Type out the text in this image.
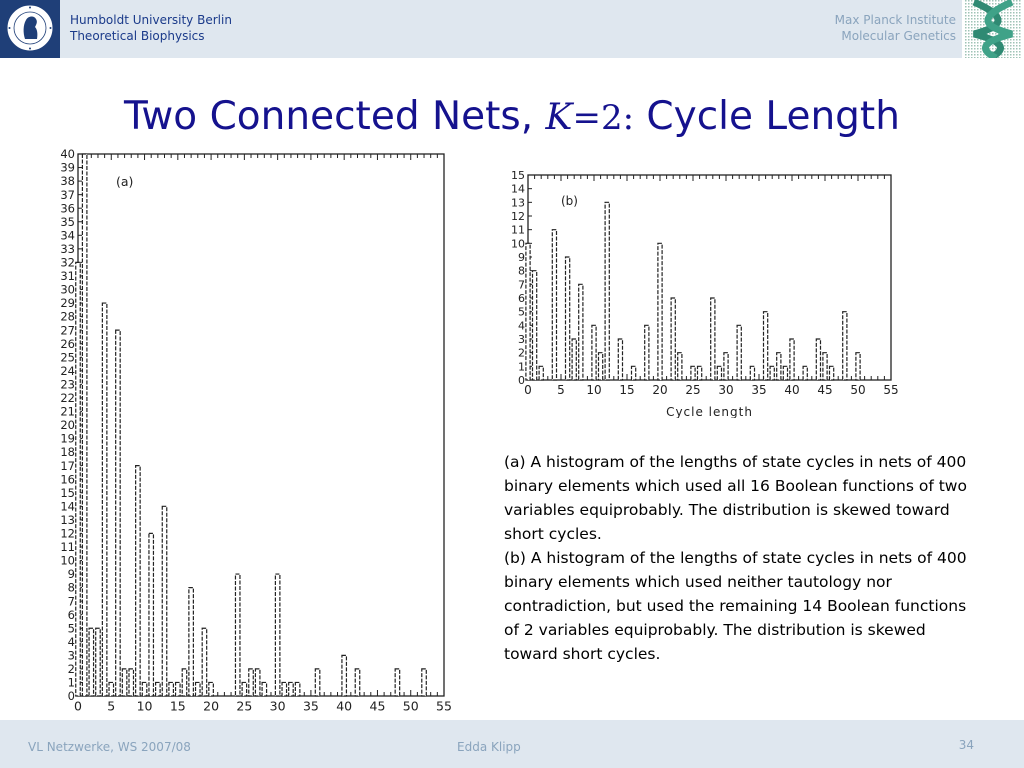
Humboldt University Berlin
Theoretical Biophysics
Max Planck Institute
Molecular Genetics
Two Connected Nets, K=2: Cycle Length
0
1
2
3
4
5
6
7
8
9
10
11
12
13
14
15
16
17
18
19
20
21
22
23
24
25
26
27
28
29
30
31
32
33
34
35
36
37
38
39
40
0 5 10 15 20 25 30 35 40 45 50 55
(a)
0
1
2
3
4
5
6
7
8
9
10
11
12
13
14
15
0 5 10 15 20 25 30 35 40 45 50 55
(b)
Cycle length

(a) A histogram of the lengths of state cycles in nets of 400 binary elements which used all 16 Boolean functions of two variables equiprobably. The distribution is skewed toward short cycles.

(b) A histogram of the lengths of state cycles in nets of 400 binary elements which used neither tautology nor contradiction, but used the remaining 14 Boolean functions of 2 variables equiprobably. The distribution is skewed toward short cycles.

VL Netzwerke, WS 2007/08	Edda Klipp	34
